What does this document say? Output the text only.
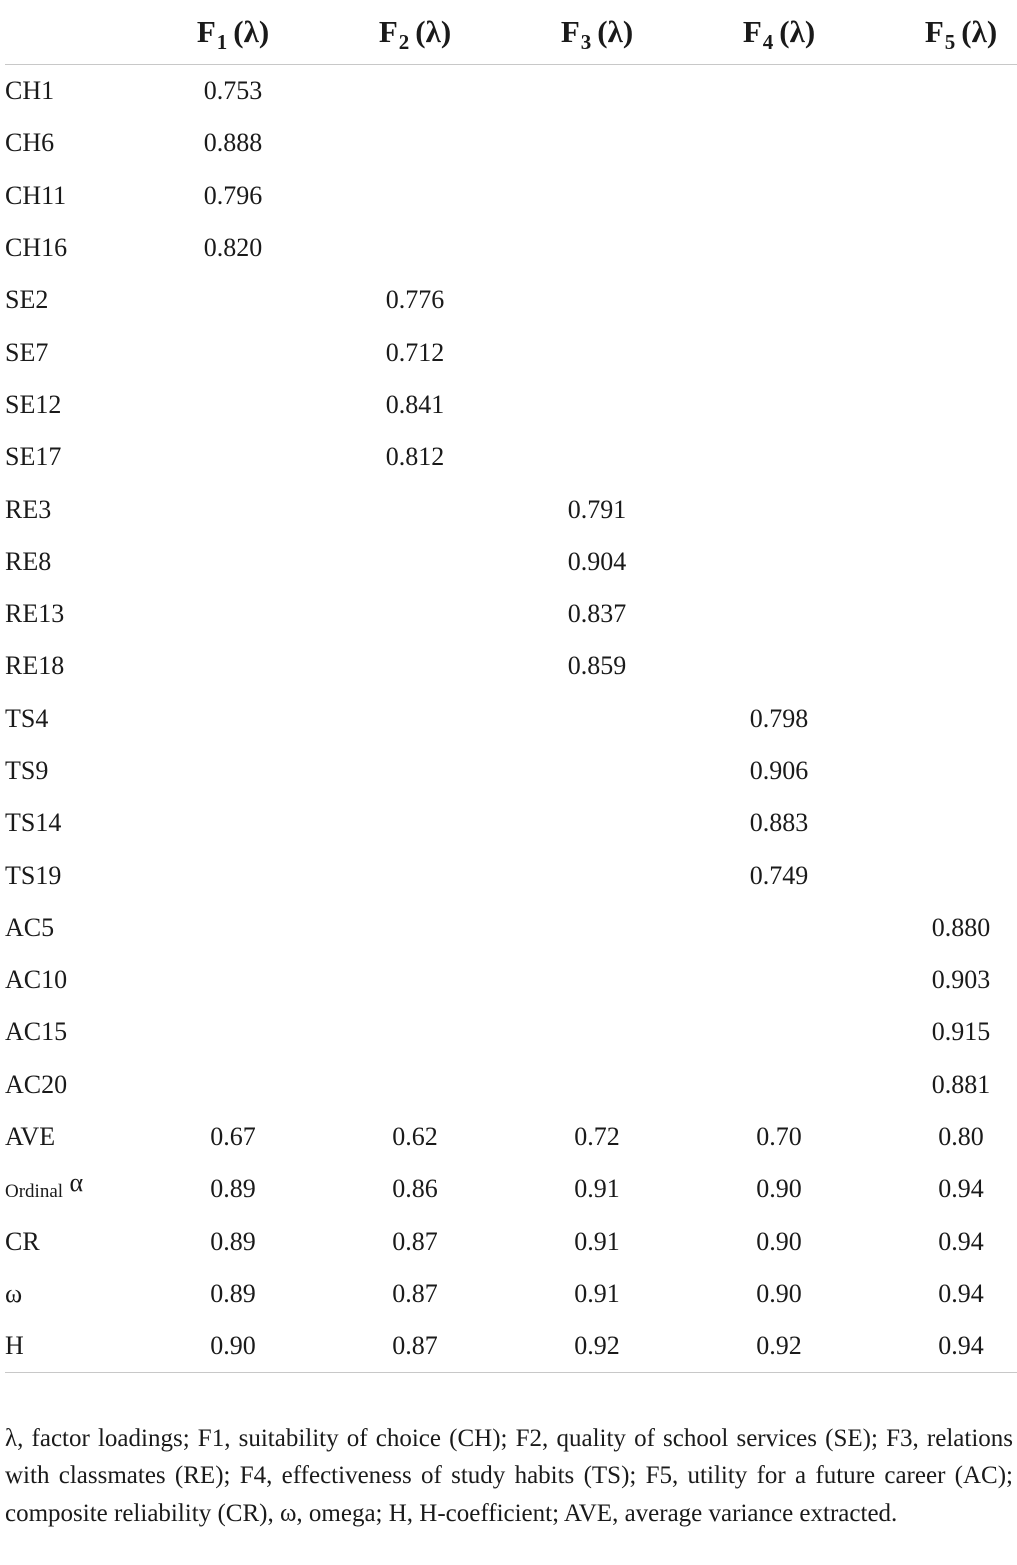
	$F_1$ (λ)	$F_2$ (λ)	$F_3$ (λ)	$F_4$ (λ)	$F_5$ (λ)
CH1	0.753				
CH6	0.888				
CH11	0.796				
CH16	0.820				
SE2		0.776			
SE7		0.712			
SE12		0.841			
SE17		0.812			
RE3			0.791		
RE8			0.904		
RE13			0.837		
RE18			0.859		
TS4				0.798	
TS9				0.906	
TS14				0.883	
TS19				0.749	
AC5					0.880
AC10					0.903
AC15					0.915
AC20					0.881
AVE	0.67	0.62	0.72	0.70	0.80
Ordinal α	0.89	0.86	0.91	0.90	0.94
CR	0.89	0.87	0.91	0.90	0.94
ω	0.89	0.87	0.91	0.90	0.94
H	0.90	0.87	0.92	0.92	0.94
λ, factor loadings; F1, suitability of choice (CH); F2, quality of school services (SE); F3, relations with classmates (RE); F4, effectiveness of study habits (TS); F5, utility for a future career (AC); composite reliability (CR), ω, omega; H, H-coefficient; AVE, average variance extracted.
